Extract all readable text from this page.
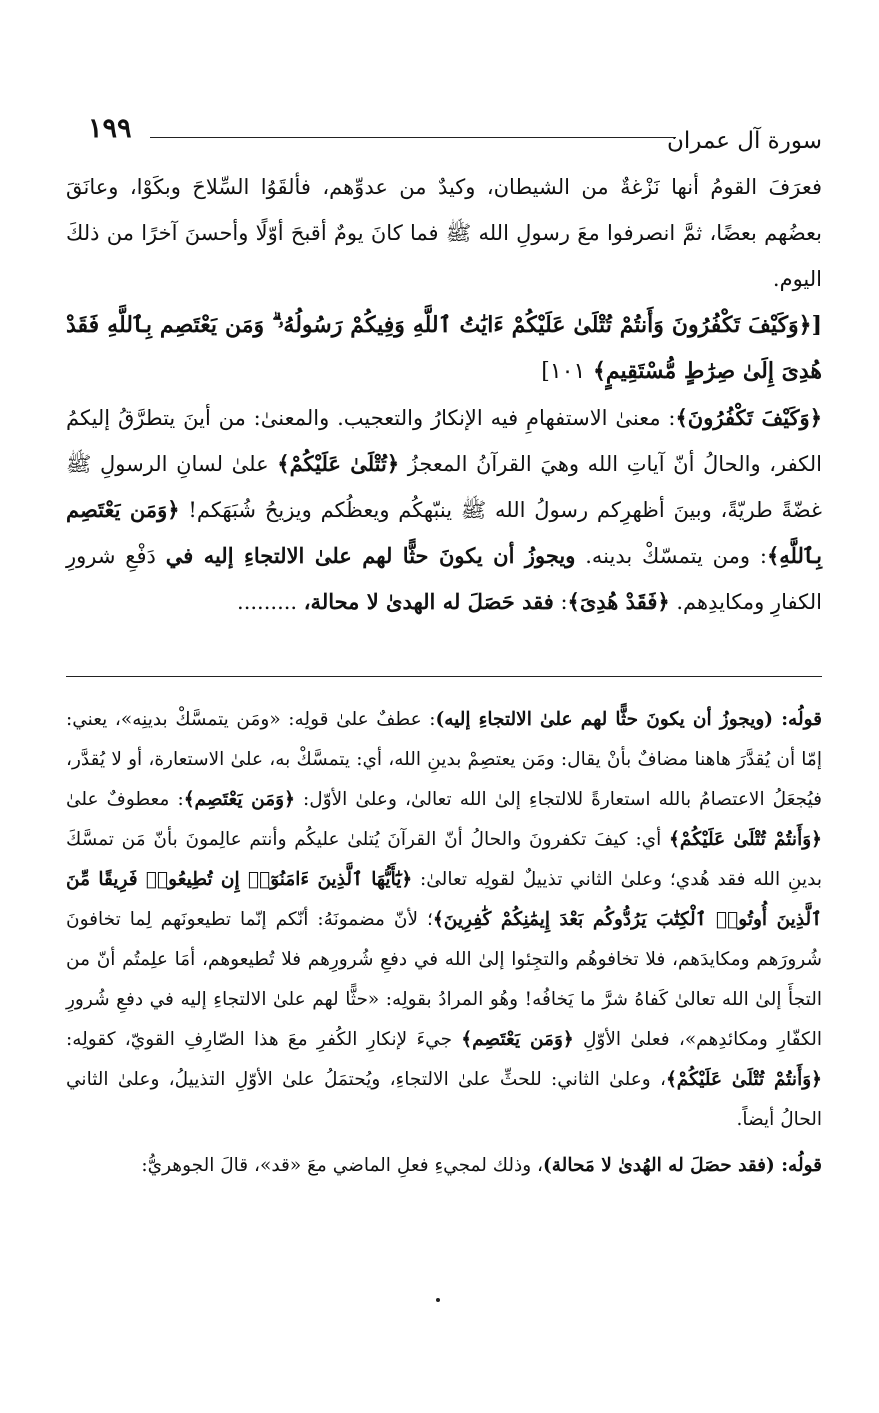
١٩٩	سورة آل عمران

فعرَفَ القومُ أنها نَزْغةٌ من الشيطان، وكيدٌ من عدوِّهم، فألقَوُا السِّلاحَ وبكَوْا، وعانَقَ بعضُهم بعضًا، ثمَّ انصرفوا معَ رسولِ الله ﷺ فما كانَ يومٌ أقبحَ أوّلًا وأحسنَ آخرًا من ذلكَ اليوم.

[﴿وَكَيْفَ تَكْفُرُونَ وَأَنتُمْ تُتْلَىٰ عَلَيْكُمْ ءَايَٰتُ ٱللَّهِ وَفِيكُمْ رَسُولُهُۥ ۗ وَمَن يَعْتَصِم بِٱللَّهِ فَقَدْ هُدِىَ إِلَىٰ صِرَٰطٍ مُّسْتَقِيمٍ﴾ ١٠١]

﴿وَكَيْفَ تَكْفُرُونَ﴾: معنىٰ الاستفهامِ فيه الإنكارُ والتعجيب. والمعنىٰ: من أينَ يتطرَّقُ إليكمُ الكفر، والحالُ أنّ آياتِ الله وهيَ القرآنُ المعجزُ ﴿تُتْلَىٰ عَلَيْكُمْ﴾ علىٰ لسانِ الرسولِ ﷺ غضّةً طريّةً، وبينَ أظهرِكم رسولُ الله ﷺ ينبّهكُم ويعظُكم ويزيحُ شُبَهَكم! ﴿وَمَن يَعْتَصِم بِٱللَّهِ﴾: ومن يتمسّكْ بدينه. ويجوزُ أن يكونَ حثًّا لهم علىٰ الالتجاءِ إليه في دَفْعِ شرورِ الكفارِ ومكايدِهم. ﴿فَقَدْ هُدِىَ﴾: فقد حَصَلَ له الهدىٰ لا محالة، .........

قولُه: (ويجوزُ أن يكونَ حثًّا لهم علىٰ الالتجاءِ إليه): عطفٌ علىٰ قولِه: «ومَن يتمسَّكْ بدينِه»، يعني: إمّا أن يُقدَّرَ هاهنا مضافٌ بأنْ يقال: ومَن يعتصِمْ بدينِ الله، أي: يتمسَّكْ به، علىٰ الاستعارة، أو لا يُقدَّر، فيُجعَلُ الاعتصامُ بالله استعارةً للالتجاءِ إلىٰ الله تعالىٰ، وعلىٰ الأوّل: ﴿وَمَن يَعْتَصِم﴾: معطوفٌ علىٰ ﴿وَأَنتُمْ تُتْلَىٰ عَلَيْكُمْ﴾ أي: كيفَ تكفرونَ والحالُ أنّ القرآنَ يُتلىٰ عليكُم وأنتم عالِمونَ بأنّ مَن تمسَّكَ بدينِ الله فقد هُدي؛ وعلىٰ الثاني تذييلٌ لقولِه تعالىٰ: ﴿يَٰٓأَيُّهَا ٱلَّذِينَ ءَامَنُوٓا۟ إِن تُطِيعُوا۟ فَرِيقًا مِّنَ ٱلَّذِينَ أُوتُوا۟ ٱلْكِتَٰبَ يَرُدُّوكُم بَعْدَ إِيمَٰنِكُمْ كَٰفِرِينَ﴾؛ لأنّ مضمونَهُ: أنّكم إنّما تطيعونَهم لِما تخافونَ شُرورَهم ومكايدَهم، فلا تخافوهُم والتجِئوا إلىٰ الله في دفعِ شُرورِهم فلا تُطيعوهم، أمَا علِمتُم أنّ من التجأَ إلىٰ الله تعالىٰ كَفاهُ شرَّ ما يَخافُه! وهُو المرادُ بقولِه: «حثًّا لهم علىٰ الالتجاءِ إليه في دفعِ شُرورِ الكفّارِ ومكائدِهم»، فعلىٰ الأوّلِ ﴿وَمَن يَعْتَصِم﴾ جيءَ لإنكارِ الكُفرِ معَ هذا الصّارِفِ القويّ، كقولِه: ﴿وَأَنتُمْ تُتْلَىٰ عَلَيْكُمْ﴾، وعلىٰ الثاني: للحثِّ علىٰ الالتجاءِ، ويُحتمَلُ علىٰ الأوّلِ التذييلُ، وعلىٰ الثاني الحالُ أيضاً.

قولُه: (فقد حصَلَ له الهُدىٰ لا مَحالة)، وذلك لمجيءِ فعلِ الماضي معَ «قد»، قالَ الجوهريُّ:
